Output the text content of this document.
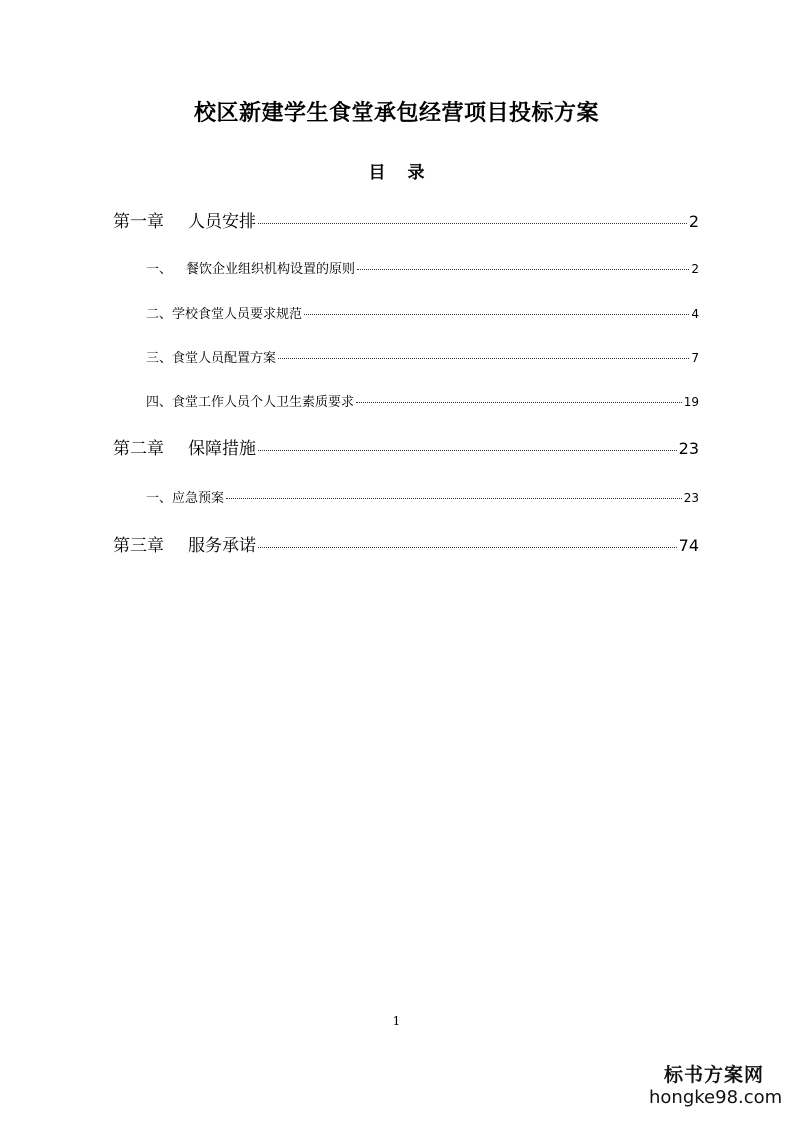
校区新建学生食堂承包经营项目投标方案
目 录
第一章 人员安排	2
一、 餐饮企业组织机构设置的原则	2
二、学校食堂人员要求规范	4
三、食堂人员配置方案	7
四、食堂工作人员个人卫生素质要求	19
第二章 保障措施	23
一、应急预案	23
第三章 服务承诺	74
1
标书方案网
hongke98.com
